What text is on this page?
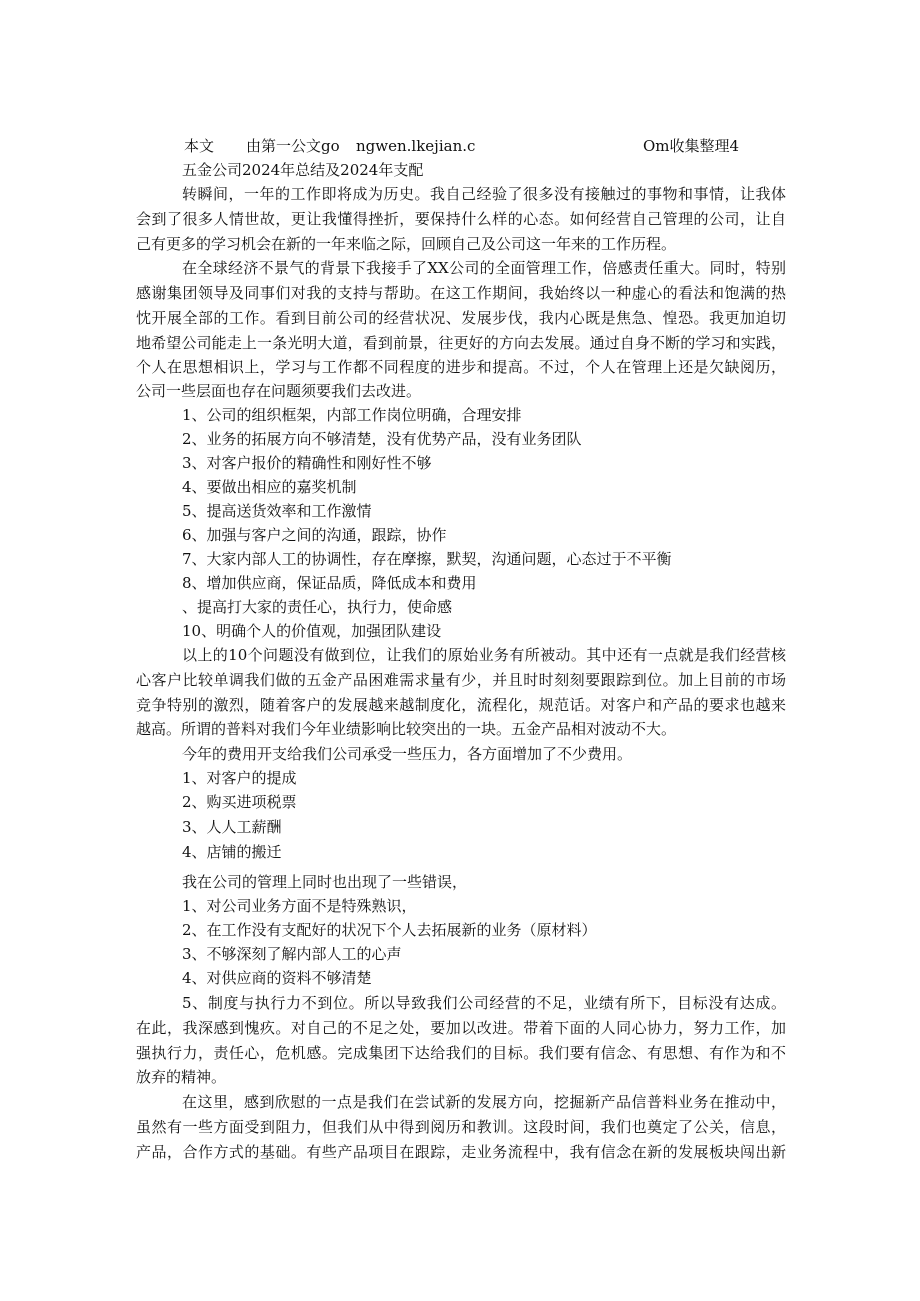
本文 由第一公文go ngwen.lkejian.c	Om收集整理4
五金公司2024年总结及2024年支配
转瞬间，一年的工作即将成为历史。我自己经验了很多没有接触过的事物和事情，让我体
会到了很多人情世故，更让我懂得挫折，要保持什么样的心态。如何经营自己管理的公司，让自
己有更多的学习机会在新的一年来临之际，回顾自己及公司这一年来的工作历程。
在全球经济不景气的背景下我接手了XX公司的全面管理工作，倍感责任重大。同时，特别
感谢集团领导及同事们对我的支持与帮助。在这工作期间，我始终以一种虚心的看法和饱满的热
忱开展全部的工作。看到目前公司的经营状况、发展步伐，我内心既是焦急、惶恐。我更加迫切
地希望公司能走上一条光明大道，看到前景，往更好的方向去发展。通过自身不断的学习和实践，
个人在思想相识上，学习与工作都不同程度的进步和提高。不过，个人在管理上还是欠缺阅历，
公司一些层面也存在问题须要我们去改进。
1、公司的组织框架，内部工作岗位明确，合理安排
2、业务的拓展方向不够清楚，没有优势产品，没有业务团队
3、对客户报价的精确性和刚好性不够
4、要做出相应的嘉奖机制
5、提高送货效率和工作激情
6、加强与客户之间的沟通，跟踪，协作
7、大家内部人工的协调性，存在摩擦，默契，沟通问题，心态过于不平衡
8、增加供应商，保证品质，降低成本和费用
、提高打大家的责任心，执行力，使命感
10、明确个人的价值观，加强团队建设
以上的10个问题没有做到位，让我们的原始业务有所被动。其中还有一点就是我们经营核
心客户比较单调我们做的五金产品困难需求量有少，并且时时刻刻要跟踪到位。加上目前的市场
竞争特别的激烈，随着客户的发展越来越制度化，流程化，规范话。对客户和产品的要求也越来
越高。所谓的普料对我们今年业绩影响比较突出的一块。五金产品相对波动不大。
今年的费用开支给我们公司承受一些压力，各方面增加了不少费用。
1、对客户的提成
2、购买进项税票
3、人人工薪酬
4、店铺的搬迁
我在公司的管理上同时也出现了一些错误，
1、对公司业务方面不是特殊熟识，
2、在工作没有支配好的状况下个人去拓展新的业务（原材料）
3、不够深刻了解内部人工的心声
4、对供应商的资料不够清楚
5、制度与执行力不到位。所以导致我们公司经营的不足，业绩有所下，目标没有达成。
在此，我深感到愧疚。对自己的不足之处，要加以改进。带着下面的人同心协力，努力工作，加
强执行力，责任心，危机感。完成集团下达给我们的目标。我们要有信念、有思想、有作为和不
放弃的精神。
在这里，感到欣慰的一点是我们在尝试新的发展方向，挖掘新产品信普料业务在推动中，
虽然有一些方面受到阻力，但我们从中得到阅历和教训。这段时间，我们也奠定了公关，信息，
产品，合作方式的基础。有些产品项目在跟踪，走业务流程中，我有信念在新的发展板块闯出新
